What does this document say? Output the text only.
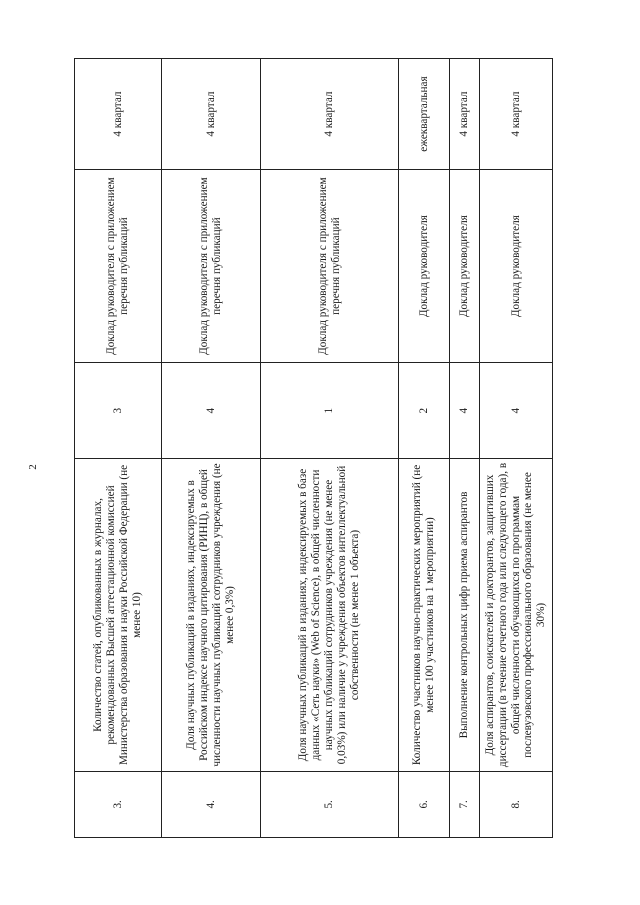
2
3.	Количество статей, опубликованных в журналах, рекомендованных Высшей аттестационной комиссией Министерства образования и науки Российской Федерации (не менее 10)	3	Доклад руководителя с приложением перечня публикаций	4 квартал
4.	Доля научных публикаций в изданиях, индексируемых в Российском индексе научного цитирования (РИНЦ), в общей численности научных публикаций сотрудников учреждения (не менее 0,3%)	4	Доклад руководителя с приложением перечня публикаций	4 квартал
5.	Доля научных публикаций в изданиях, индексируемых в базе данных «Сеть науки» (Web of Science), в общей численности научных публикаций сотрудников учреждения (не менее 0,03%) или наличие у учреждения объектов интеллектуальной собственности (не менее 1 объекта)	1	Доклад руководителя с приложением перечня публикаций	4 квартал
6.	Количество участников научно-практических мероприятий (не менее 100 участников на 1 мероприятии)	2	Доклад руководителя	ежеквартальная
7.	Выполнение контрольных цифр приема аспирантов	4	Доклад руководителя	4 квартал
8.	Доля аспирантов, соискателей и докторантов, защитивших диссертации (в течение отчетного года или следующего года), в общей численности обучающихся по программам послевузовского профессионального образования (не менее 30%)	4	Доклад руководителя	4 квартал
